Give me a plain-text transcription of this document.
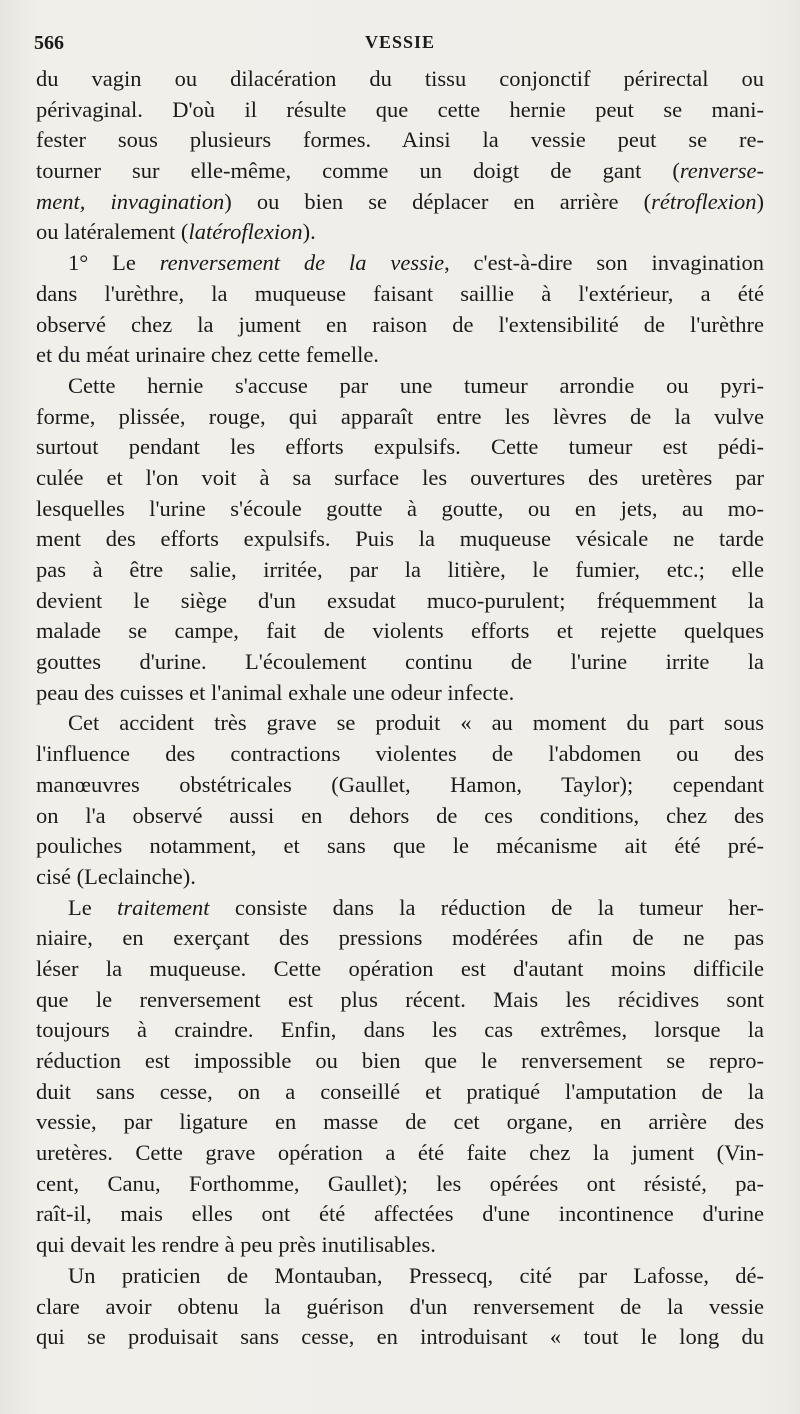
566	VESSIE
du vagin ou dilacération du tissu conjonctif périrectal ou
périvaginal. D'où il résulte que cette hernie peut se mani-
fester sous plusieurs formes. Ainsi la vessie peut se re-
tourner sur elle-même, comme un doigt de gant (renverse-
ment, invagination) ou bien se déplacer en arrière (rétroflexion)
ou latéralement (latéroflexion).
1° Le renversement de la vessie, c'est-à-dire son invagination
dans l'urèthre, la muqueuse faisant saillie à l'extérieur, a été
observé chez la jument en raison de l'extensibilité de l'urèthre
et du méat urinaire chez cette femelle.
Cette hernie s'accuse par une tumeur arrondie ou pyri-
forme, plissée, rouge, qui apparaît entre les lèvres de la vulve
surtout pendant les efforts expulsifs. Cette tumeur est pédi-
culée et l'on voit à sa surface les ouvertures des uretères par
lesquelles l'urine s'écoule goutte à goutte, ou en jets, au mo-
ment des efforts expulsifs. Puis la muqueuse vésicale ne tarde
pas à être salie, irritée, par la litière, le fumier, etc.; elle
devient le siège d'un exsudat muco-purulent; fréquemment la
malade se campe, fait de violents efforts et rejette quelques
gouttes d'urine. L'écoulement continu de l'urine irrite la
peau des cuisses et l'animal exhale une odeur infecte.
Cet accident très grave se produit « au moment du part sous
l'influence des contractions violentes de l'abdomen ou des
manœuvres obstétricales (Gaullet, Hamon, Taylor); cependant
on l'a observé aussi en dehors de ces conditions, chez des
pouliches notamment, et sans que le mécanisme ait été pré-
cisé (Leclainche).
Le traitement consiste dans la réduction de la tumeur her-
niaire, en exerçant des pressions modérées afin de ne pas
léser la muqueuse. Cette opération est d'autant moins difficile
que le renversement est plus récent. Mais les récidives sont
toujours à craindre. Enfin, dans les cas extrêmes, lorsque la
réduction est impossible ou bien que le renversement se repro-
duit sans cesse, on a conseillé et pratiqué l'amputation de la
vessie, par ligature en masse de cet organe, en arrière des
uretères. Cette grave opération a été faite chez la jument (Vin-
cent, Canu, Forthomme, Gaullet); les opérées ont résisté, pa-
raît-il, mais elles ont été affectées d'une incontinence d'urine
qui devait les rendre à peu près inutilisables.
Un praticien de Montauban, Pressecq, cité par Lafosse, dé-
clare avoir obtenu la guérison d'un renversement de la vessie
qui se produisait sans cesse, en introduisant « tout le long du
